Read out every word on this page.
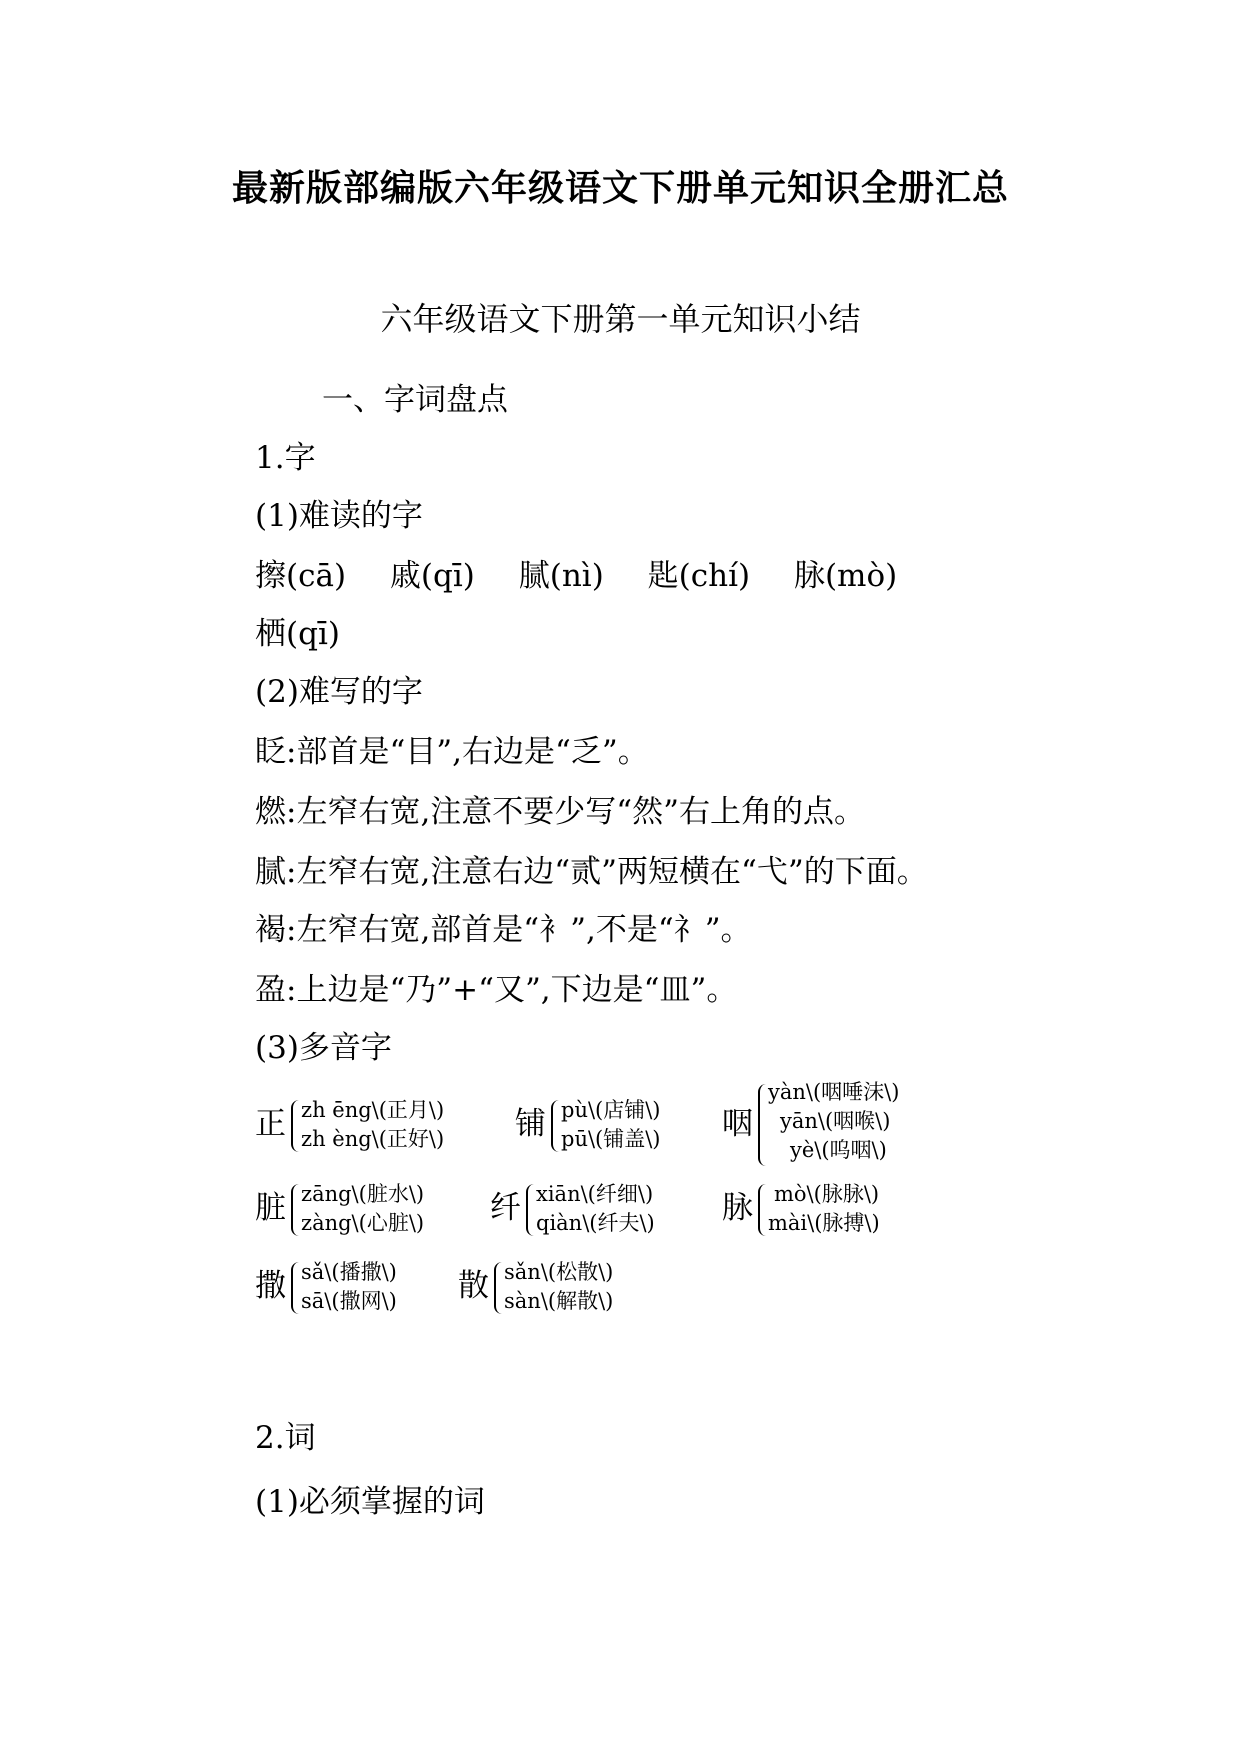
最新版部编版六年级语文下册单元知识全册汇总
六年级语文下册第一单元知识小结
一、字词盘点
1.字
(1)难读的字
擦(cā) 戚(qī) 腻(nì) 匙(chí) 脉(mò)
栖(qī)
(2)难写的字
眨:部首是“目”,右边是“乏”。
燃:左窄右宽,注意不要少写“然”右上角的点。
腻:左窄右宽,注意右边“贰”两短横在“弋”的下面。
褐:左窄右宽,部首是“衤”,不是“礻”。
盈:上边是“乃”+“又”,下边是“皿”。
(3)多音字
正 zh ēng\(正月\)
zh èng\(正好\) 铺 pù\(店铺\)
pū\(铺盖\) 咽
yàn\(咽唾沫\)
yān\(咽喉\)
yè\(呜咽\)
脏 zāng\(脏水\)
zàng\(心脏\) 纤 xiān\(纤细\)
qiàn\(纤夫\) 脉 mò\(脉脉\)
mài\(脉搏\)
撒 sǎ\(播撒\)
sā\(撒网\) 散 sǎn\(松散\)
sàn\(解散\)
2.词
(1)必须掌握的词
